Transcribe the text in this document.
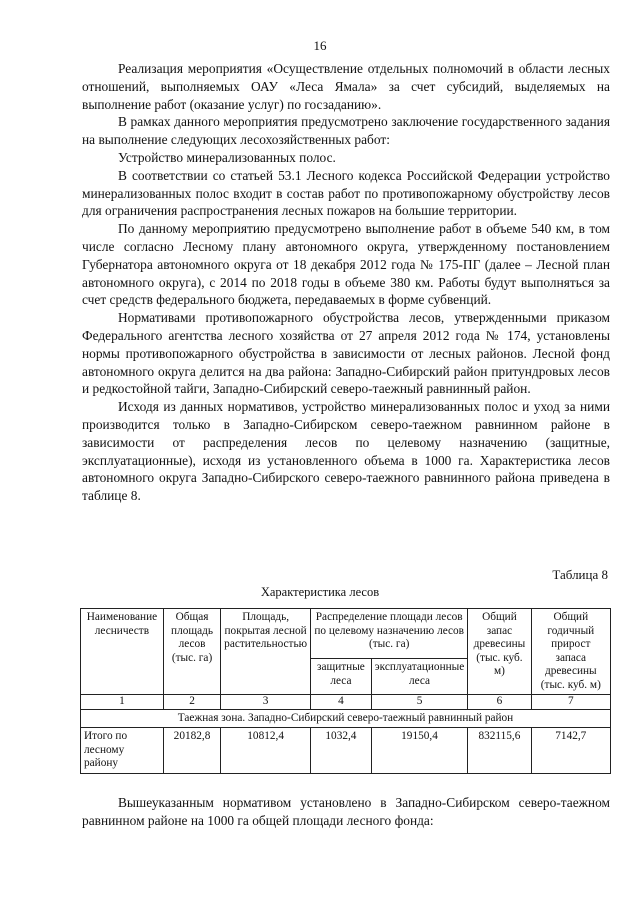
16

Реализация мероприятия «Осуществление отдельных полномочий в области лесных отношений, выполняемых ОАУ «Леса Ямала» за счет субсидий, выделяемых на выполнение работ (оказание услуг) по госзаданию».

В рамках данного мероприятия предусмотрено заключение государственного задания на выполнение следующих лесохозяйственных работ:

Устройство минерализованных полос.

В соответствии со статьей 53.1 Лесного кодекса Российской Федерации устройство минерализованных полос входит в состав работ по противопожарному обустройству лесов для ограничения распространения лесных пожаров на большие территории.

По данному мероприятию предусмотрено выполнение работ в объеме 540 км, в том числе согласно Лесному плану автономного округа, утвержденному постановлением Губернатора автономного округа от 18 декабря 2012 года № 175-ПГ (далее – Лесной план автономного округа), с 2014 по 2018 годы в объеме 380 км. Работы будут выполняться за счет средств федерального бюджета, передаваемых в форме субвенций.

Нормативами противопожарного обустройства лесов, утвержденными приказом Федерального агентства лесного хозяйства от 27 апреля 2012 года № 174, установлены нормы противопожарного обустройства в зависимости от лесных районов. Лесной фонд автономного округа делится на два района: Западно-Сибирский район притундровых лесов и редкостойной тайги, Западно-Сибирский северо-таежный равнинный район.

Исходя из данных нормативов, устройство минерализованных полос и уход за ними производится только в Западно-Сибирском северо-таежном равнинном районе в зависимости от распределения лесов по целевому назначению (защитные, эксплуатационные), исходя из установленного объема в 1000 га. Характеристика лесов автономного округа Западно-Сибирского северо-таежного равнинного района приведена в таблице 8.

Таблица 8
Характеристика лесов
Наименование лесничеств	Общая площадь лесов (тыс. га)	Площадь, покрытая лесной растительностью	Распределение площади лесов по целевому назначению лесов (тыс. га)		Общий запас древесины (тыс. куб. м)	Общий годичный прирост запаса древесины (тыс. куб. м)
			защитные леса	эксплуатационные леса		
1	2	3	4	5	6	7
Таежная зона. Западно-Сибирский северо-таежный равнинный район						
Итого по лесному району	20182,8	10812,4	1032,4	19150,4	832115,6	7142,7

Вышеуказанным нормативом установлено в Западно-Сибирском северо-таежном равнинном районе на 1000 га общей площади лесного фонда:
